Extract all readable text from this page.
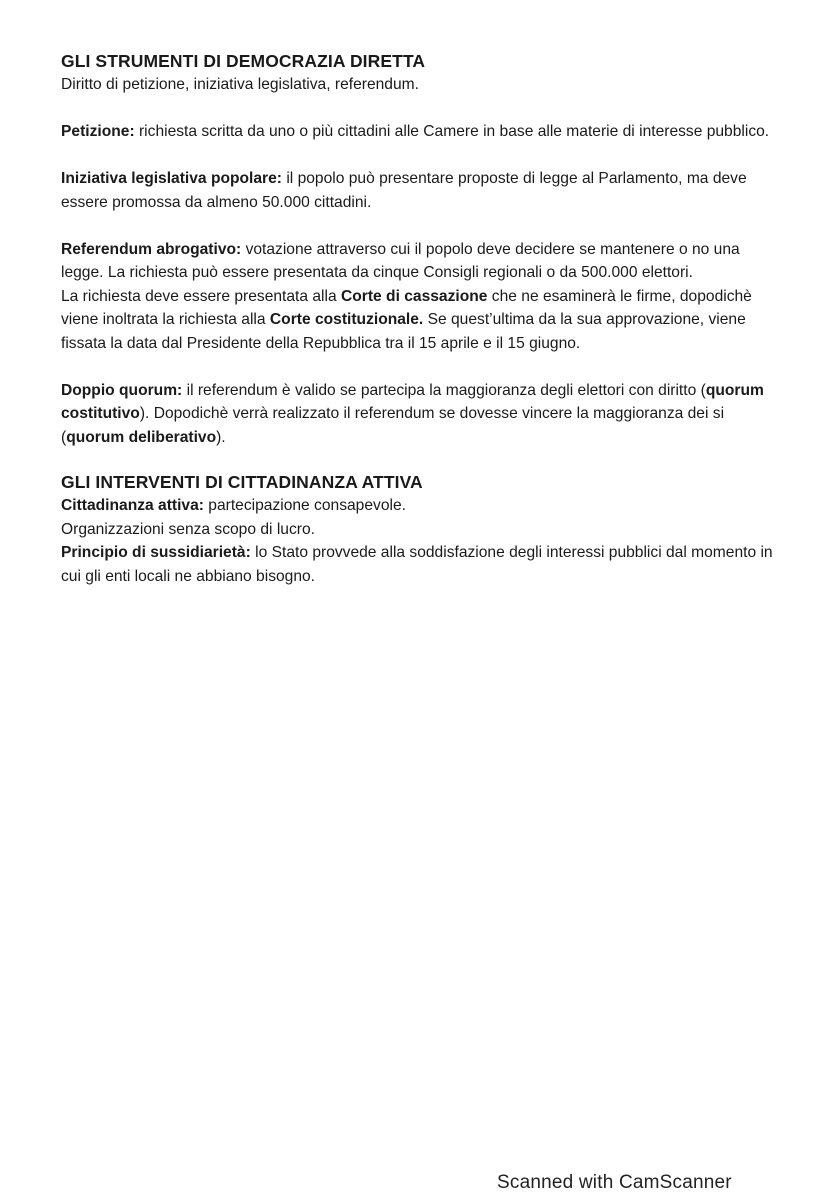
GLI STRUMENTI DI DEMOCRAZIA DIRETTA

Diritto di petizione, iniziativa legislativa, referendum.

Petizione: richiesta scritta da uno o più cittadini alle Camere in base alle materie di interesse pubblico.

Iniziativa legislativa popolare: il popolo può presentare proposte di legge al Parlamento, ma deve essere promossa da almeno 50.000 cittadini.

Referendum abrogativo: votazione attraverso cui il popolo deve decidere se mantenere o no una legge. La richiesta può essere presentata da cinque Consigli regionali o da 500.000 elettori.

La richiesta deve essere presentata alla Corte di cassazione che ne esaminerà le firme, dopodichè viene inoltrata la richiesta alla Corte costituzionale. Se quest’ultima da la sua approvazione, viene fissata la data dal Presidente della Repubblica tra il 15 aprile e il 15 giugno.

Doppio quorum: il referendum è valido se partecipa la maggioranza degli elettori con diritto (quorum costitutivo). Dopodichè verrà realizzato il referendum se dovesse vincere la maggioranza dei si (quorum deliberativo).

GLI INTERVENTI DI CITTADINANZA ATTIVA

Cittadinanza attiva: partecipazione consapevole.

Organizzazioni senza scopo di lucro.

Principio di sussidiarietà: lo Stato provvede alla soddisfazione degli interessi pubblici dal momento in cui gli enti locali ne abbiano bisogno.

Scanned with CamScanner
